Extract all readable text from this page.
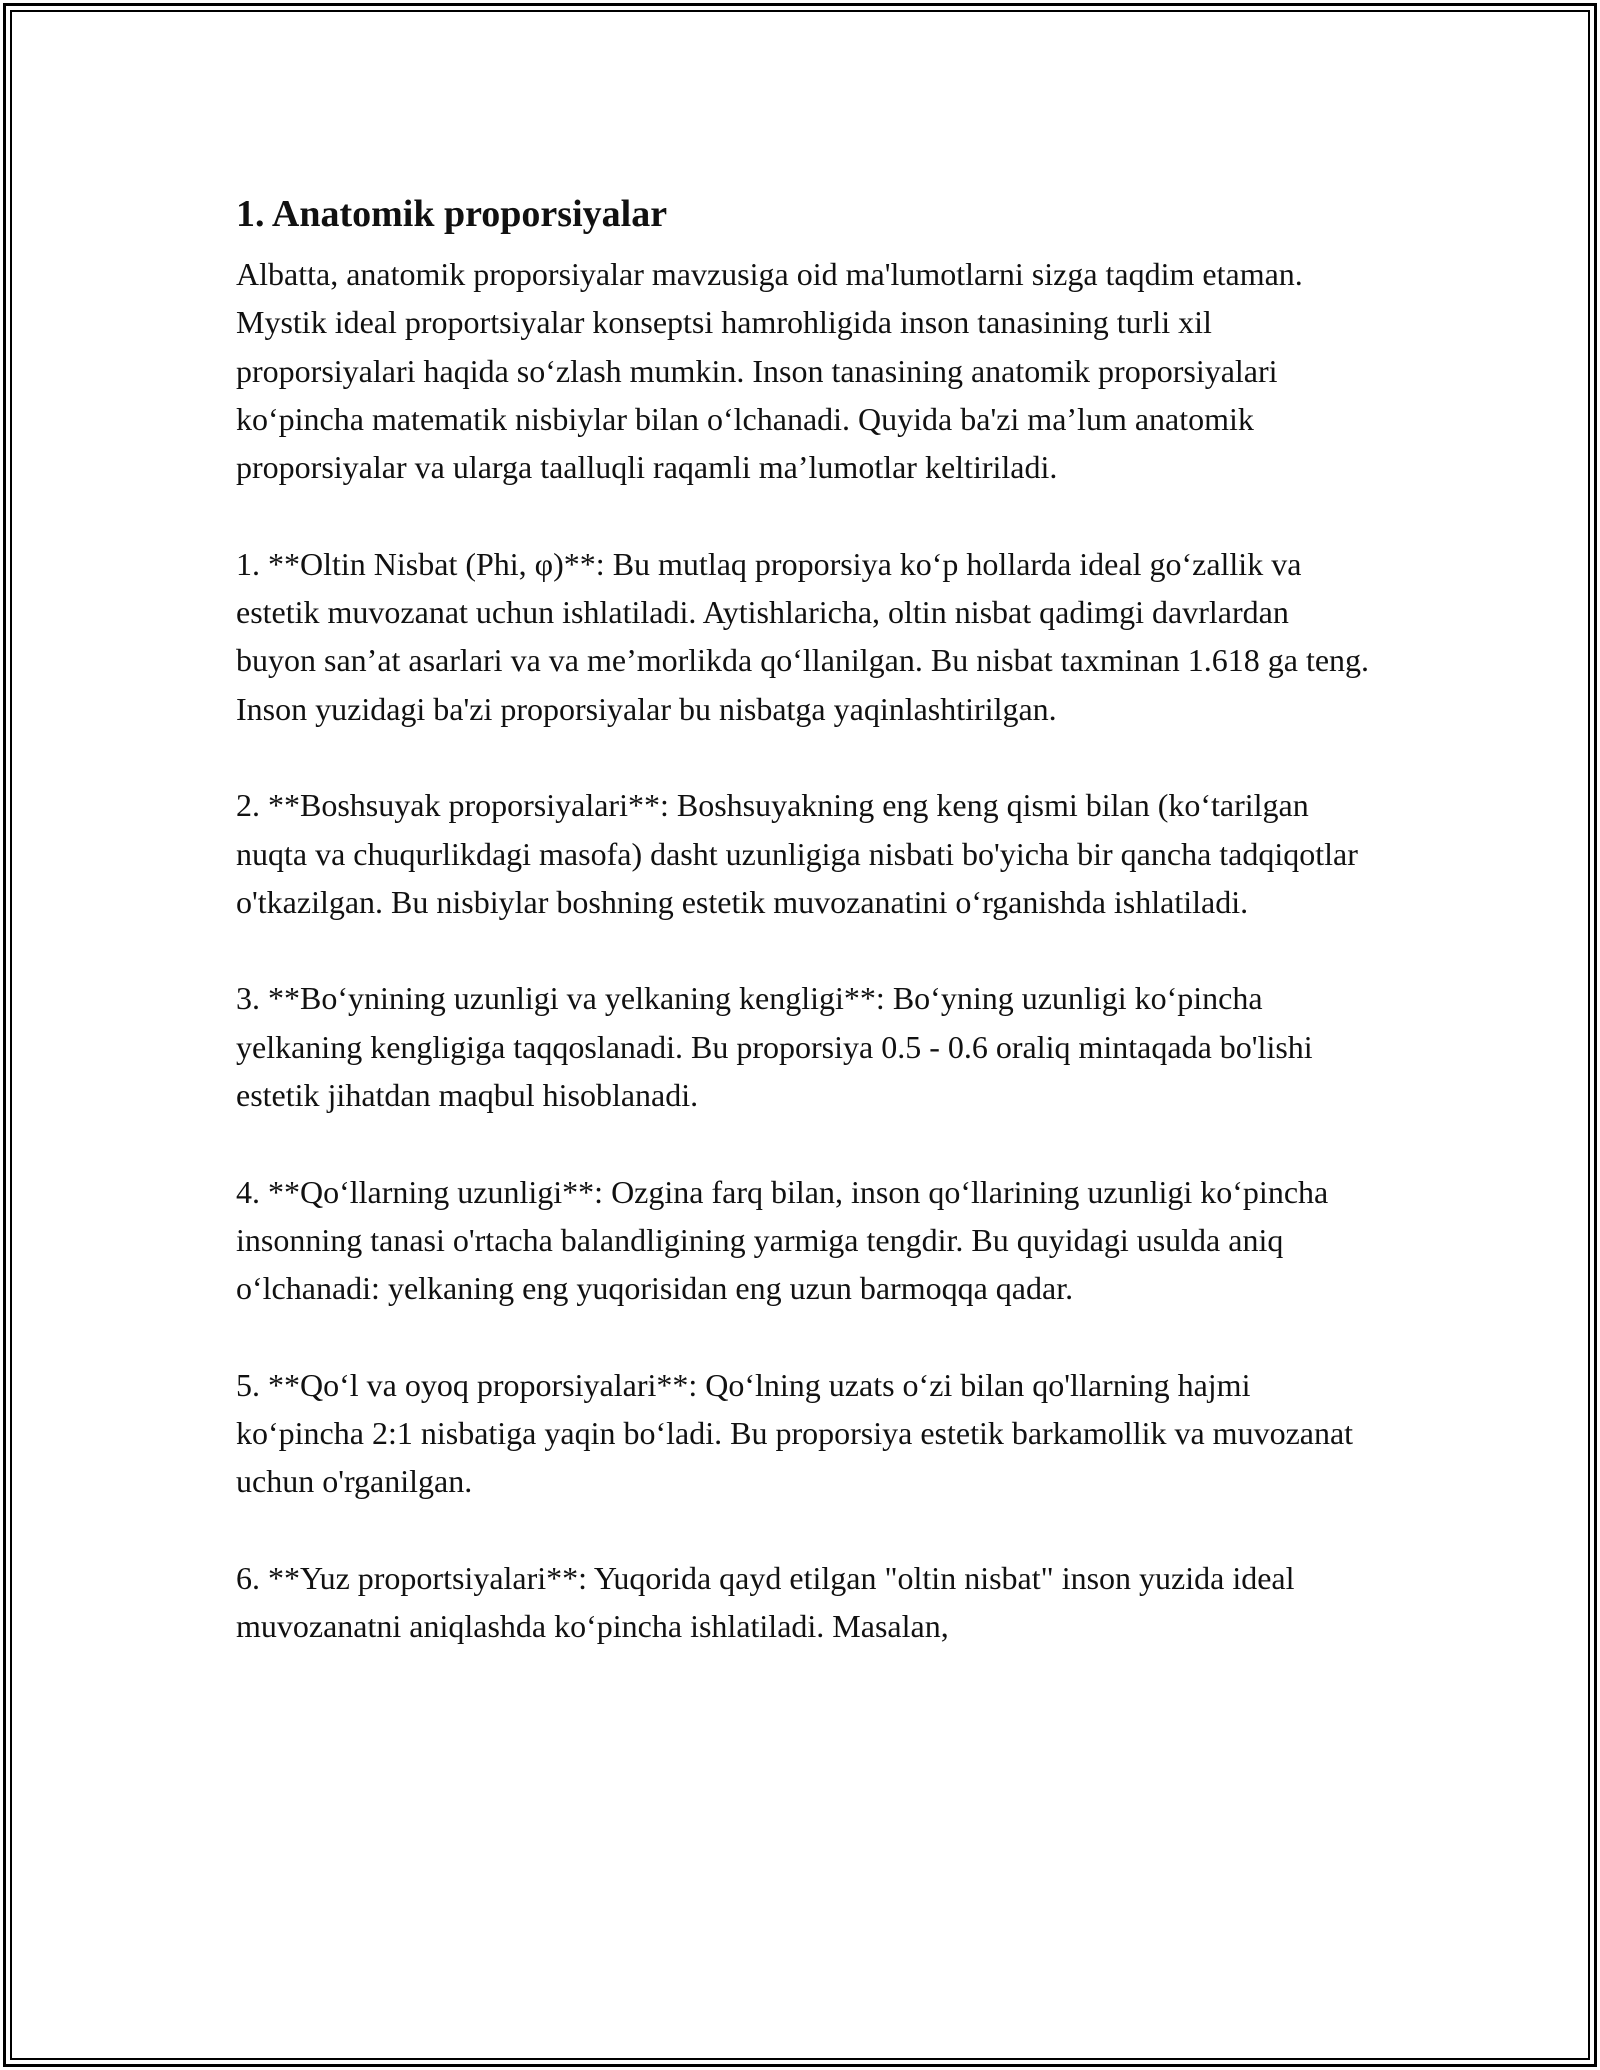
1. Anatomik proporsiyalar

Albatta, anatomik proporsiyalar mavzusiga oid ma'lumotlarni sizga taqdim etaman. Mystik ideal proportsiyalar konseptsi hamrohligida inson tanasining turli xil proporsiyalari haqida so‘zlash mumkin. Inson tanasining anatomik proporsiyalari ko‘pincha matematik nisbiylar bilan o‘lchanadi. Quyida ba'zi ma’lum anatomik proporsiyalar va ularga taalluqli raqamli ma’lumotlar keltiriladi.

1. **Oltin Nisbat (Phi, φ)**: Bu mutlaq proporsiya ko‘p hollarda ideal go‘zallik va estetik muvozanat uchun ishlatiladi. Aytishlaricha, oltin nisbat qadimgi davrlardan buyon san’at asarlari va va me’morlikda qo‘llanilgan. Bu nisbat taxminan 1.618 ga teng. Inson yuzidagi ba'zi proporsiyalar bu nisbatga yaqinlashtirilgan.

2. **Boshsuyak proporsiyalari**: Boshsuyakning eng keng qismi bilan (ko‘tarilgan nuqta va chuqurlikdagi masofa) dasht uzunligiga nisbati bo'yicha bir qancha tadqiqotlar o'tkazilgan. Bu nisbiylar boshning estetik muvozanatini o‘rganishda ishlatiladi.

3. **Bo‘ynining uzunligi va yelkaning kengligi**: Bo‘yning uzunligi ko‘pincha yelkaning kengligiga taqqoslanadi. Bu proporsiya 0.5 - 0.6 oraliq mintaqada bo'lishi estetik jihatdan maqbul hisoblanadi.

4. **Qo‘llarning uzunligi**: Ozgina farq bilan, inson qo‘llarining uzunligi ko‘pincha insonning tanasi o'rtacha balandligining yarmiga tengdir. Bu quyidagi usulda aniq o‘lchanadi: yelkaning eng yuqorisidan eng uzun barmoqqa qadar.

5. **Qo‘l va oyoq proporsiyalari**: Qo‘lning uzats o‘zi bilan qo'llarning hajmi ko‘pincha 2:1 nisbatiga yaqin bo‘ladi. Bu proporsiya estetik barkamollik va muvozanat uchun o'rganilgan.

6. **Yuz proportsiyalari**: Yuqorida qayd etilgan "oltin nisbat" inson yuzida ideal muvozanatni aniqlashda ko‘pincha ishlatiladi. Masalan,
